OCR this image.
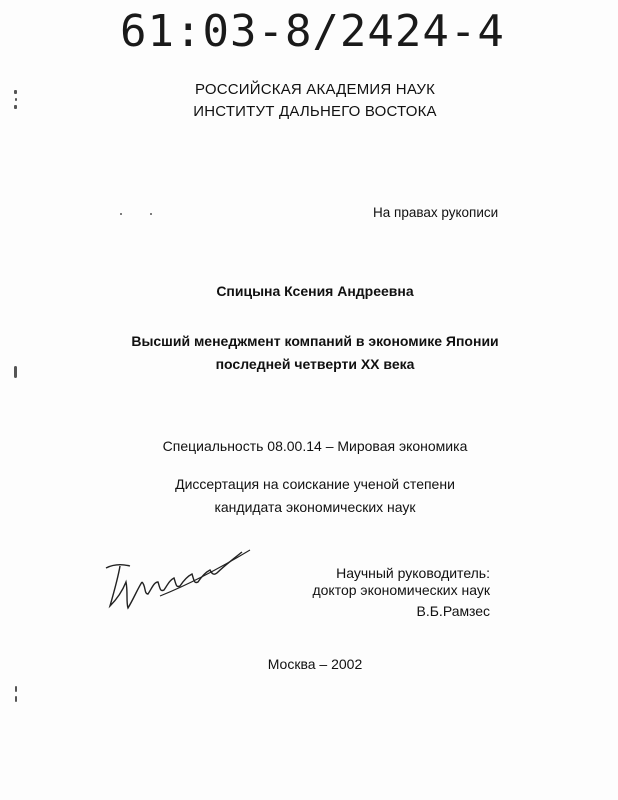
61:03-8/2424-4
РОССИЙСКАЯ АКАДЕМИЯ НАУК
ИНСТИТУТ ДАЛЬНЕГО ВОСТОКА
На правах рукописи
Спицына Ксения Андреевна
Высший менеджмент компаний в экономике Японии
последней четверти XX века
Специальность 08.00.14 – Мировая экономика
Диссертация на соискание ученой степени
кандидата экономических наук
Научный руководитель:
доктор экономических наук
В.Б.Рамзес
Москва – 2002
